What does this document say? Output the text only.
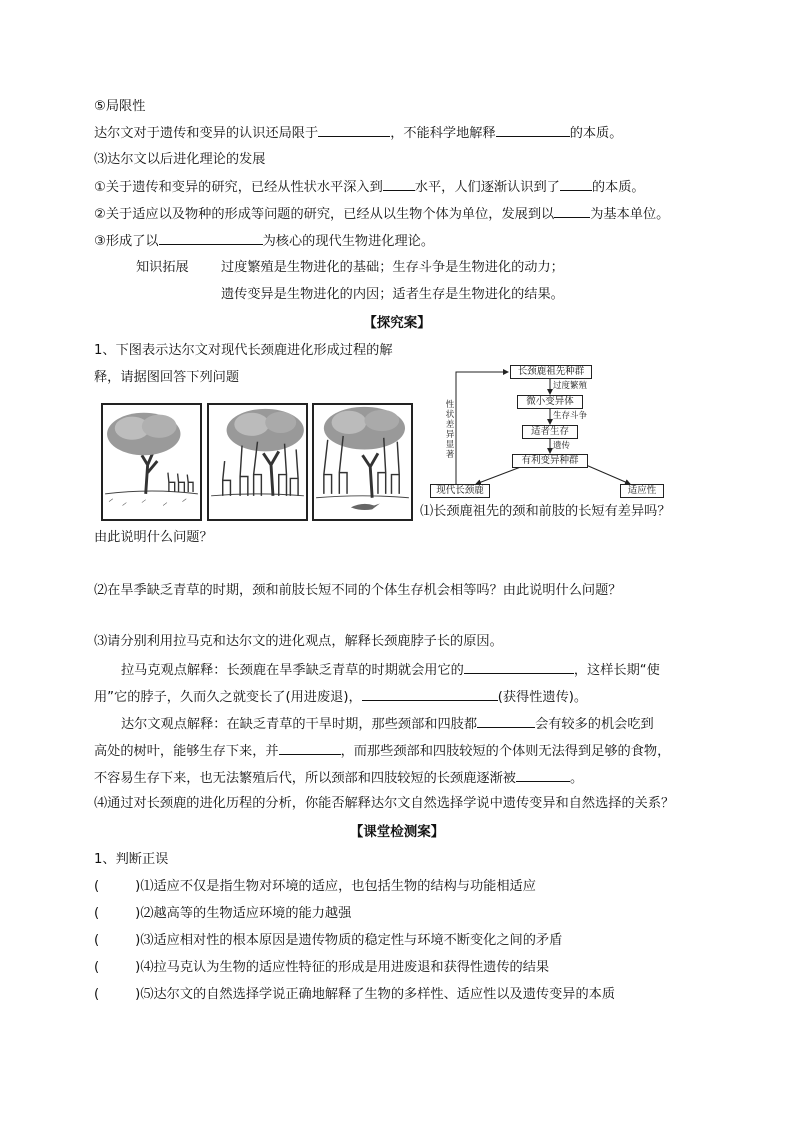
⑤局限性
达尔文对于遗传和变异的认识还局限于	，不能科学地解释	的本质。
⑶达尔文以后进化理论的发展
①关于遗传和变异的研究，已经从性状水平深入到 水平，人们逐渐认识到了 的本质。
②关于适应以及物种的形成等问题的研究，已经从以生物个体为单位，发展到以	为基本单位。
③形成了以	为核心的现代生物进化理论。
知识拓展 过度繁殖是生物进化的基础；生存斗争是生物进化的动力；
遗传变异是生物进化的内因；适者生存是生物进化的结果。
【探究案】
1、下图表示达尔文对现代长颈鹿进化形成过程的解
释，请据图回答下列问题	长颈鹿祖先种群
过度繁殖
微小变异体
生存斗争
适者生存
遗传
有利变异种群
现代长颈鹿	适应性
性状差异显著
⑴长颈鹿祖先的颈和前肢的长短有差异吗？
由此说明什么问题？
⑵在旱季缺乏青草的时期，颈和前肢长短不同的个体生存机会相等吗？由此说明什么问题？
⑶请分别利用拉马克和达尔文的进化观点，解释长颈鹿脖子长的原因。
拉马克观点解释：长颈鹿在旱季缺乏青草的时期就会用它的	，这样长期“使
用”它的脖子，久而久之就变长了(用进废退)，	(获得性遗传)。
达尔文观点解释：在缺乏青草的干旱时期，那些颈部和四肢都	会有较多的机会吃到
高处的树叶，能够生存下来，并	，而那些颈部和四肢较短的个体则无法得到足够的食物，
不容易生存下来，也无法繁殖后代，所以颈部和四肢较短的长颈鹿逐渐被	。
⑷通过对长颈鹿的进化历程的分析，你能否解释达尔文自然选择学说中遗传变异和自然选择的关系？
【课堂检测案】
1、判断正误
(	)⑴适应不仅是指生物对环境的适应，也包括生物的结构与功能相适应
(	)⑵越高等的生物适应环境的能力越强
(	)⑶适应相对性的根本原因是遗传物质的稳定性与环境不断变化之间的矛盾
(	)⑷拉马克认为生物的适应性特征的形成是用进废退和获得性遗传的结果
(	)⑸达尔文的自然选择学说正确地解释了生物的多样性、适应性以及遗传变异的本质
